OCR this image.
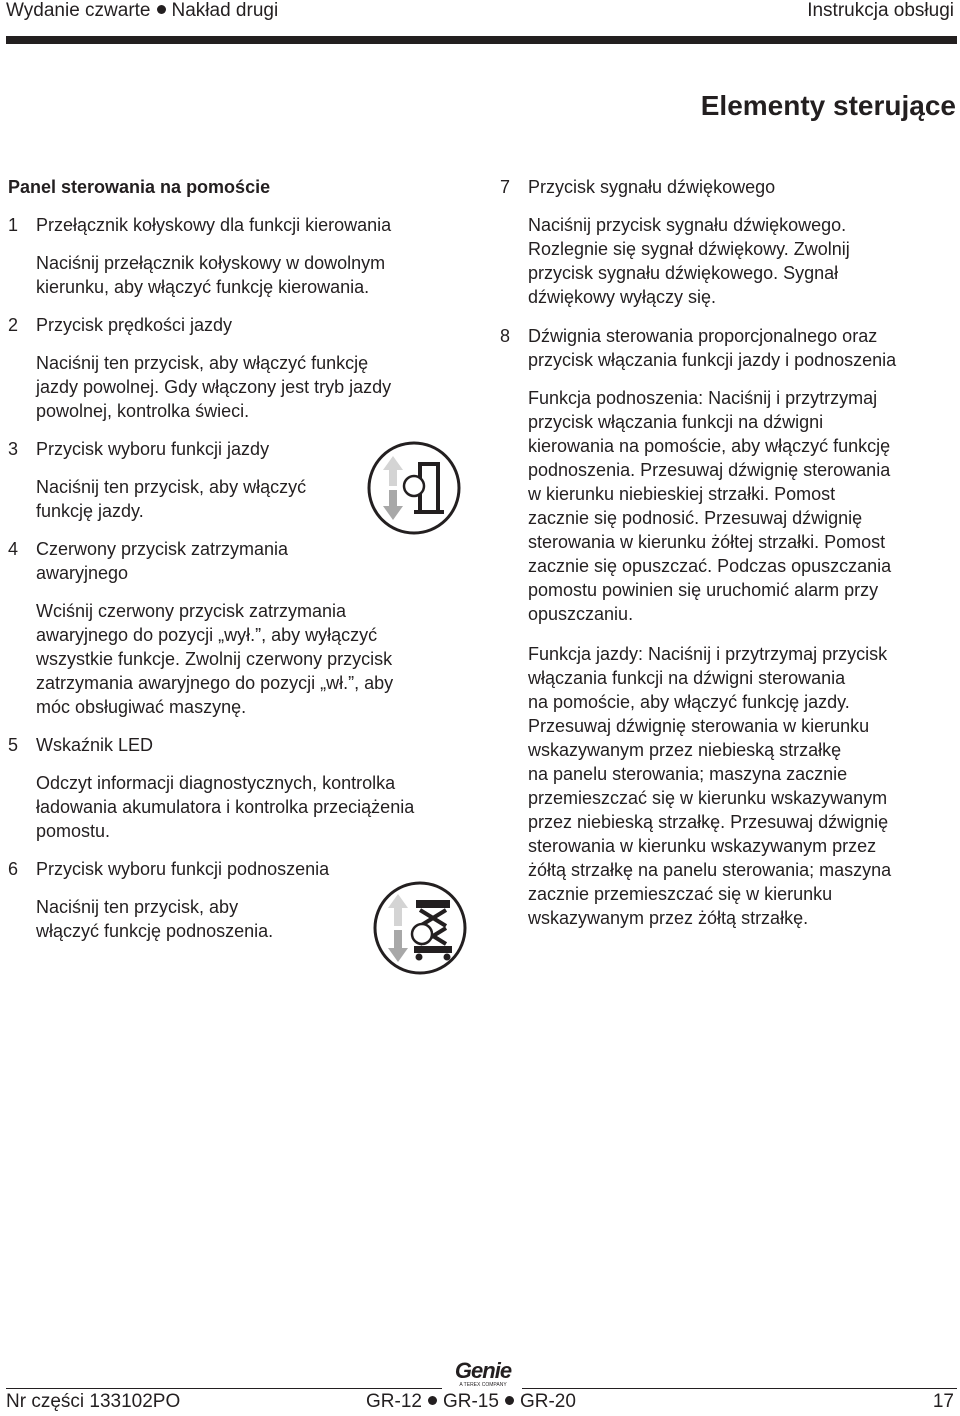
Wydanie czwarte Nakład drugi	Instrukcja obsługi
Elementy sterujące
Panel sterowania na pomoście
1 Przełącznik kołyskowy dla funkcji kierowania

Naciśnij przełącznik kołyskowy w dowolnym

kierunku, aby włączyć funkcję kierowania.

2 Przycisk prędkości jazdy

Naciśnij ten przycisk, aby włączyć funkcję

jazdy powolnej. Gdy włączony jest tryb jazdy

powolnej, kontrolka świeci.

3 Przycisk wyboru funkcji jazdy

Naciśnij ten przycisk, aby włączyć

funkcję jazdy.

4 Czerwony przycisk zatrzymania

awaryjnego

Wciśnij czerwony przycisk zatrzymania

awaryjnego do pozycji „wył.”, aby wyłączyć

wszystkie funkcje. Zwolnij czerwony przycisk

zatrzymania awaryjnego do pozycji „wł.”, aby

móc obsługiwać maszynę.

5 Wskaźnik LED

Odczyt informacji diagnostycznych, kontrolka

ładowania akumulatora i kontrolka przeciążenia

pomostu.

6 Przycisk wyboru funkcji podnoszenia

Naciśnij ten przycisk, aby

włączyć funkcję podnoszenia.

7 Przycisk sygnału dźwiękowego

Naciśnij przycisk sygnału dźwiękowego.

Rozlegnie się sygnał dźwiękowy. Zwolnij

przycisk sygnału dźwiękowego. Sygnał

dźwiękowy wyłączy się.

8 Dźwignia sterowania proporcjonalnego oraz

przycisk włączania funkcji jazdy i podnoszenia

Funkcja podnoszenia: Naciśnij i przytrzymaj

przycisk włączania funkcji na dźwigni

kierowania na pomoście, aby włączyć funkcję

podnoszenia. Przesuwaj dźwignię sterowania

w kierunku niebieskiej strzałki. Pomost

zacznie się podnosić. Przesuwaj dźwignię

sterowania w kierunku żółtej strzałki. Pomost

zacznie się opuszczać. Podczas opuszczania

pomostu powinien się uruchomić alarm przy

opuszczaniu.

Funkcja jazdy: Naciśnij i przytrzymaj przycisk

włączania funkcji na dźwigni sterowania

na pomoście, aby włączyć funkcję jazdy.

Przesuwaj dźwignię sterowania w kierunku

wskazywanym przez niebieską strzałkę

na panelu sterowania; maszyna zacznie

przemieszczać się w kierunku wskazywanym

przez niebieską strzałkę. Przesuwaj dźwignię

sterowania w kierunku wskazywanym przez

żółtą strzałkę na panelu sterowania; maszyna

zacznie przemieszczać się w kierunku

wskazywanym przez żółtą strzałkę.

Genie
A TEREX COMPANY
Nr części 133102PO	GR-12 GR-15 GR-20	17
